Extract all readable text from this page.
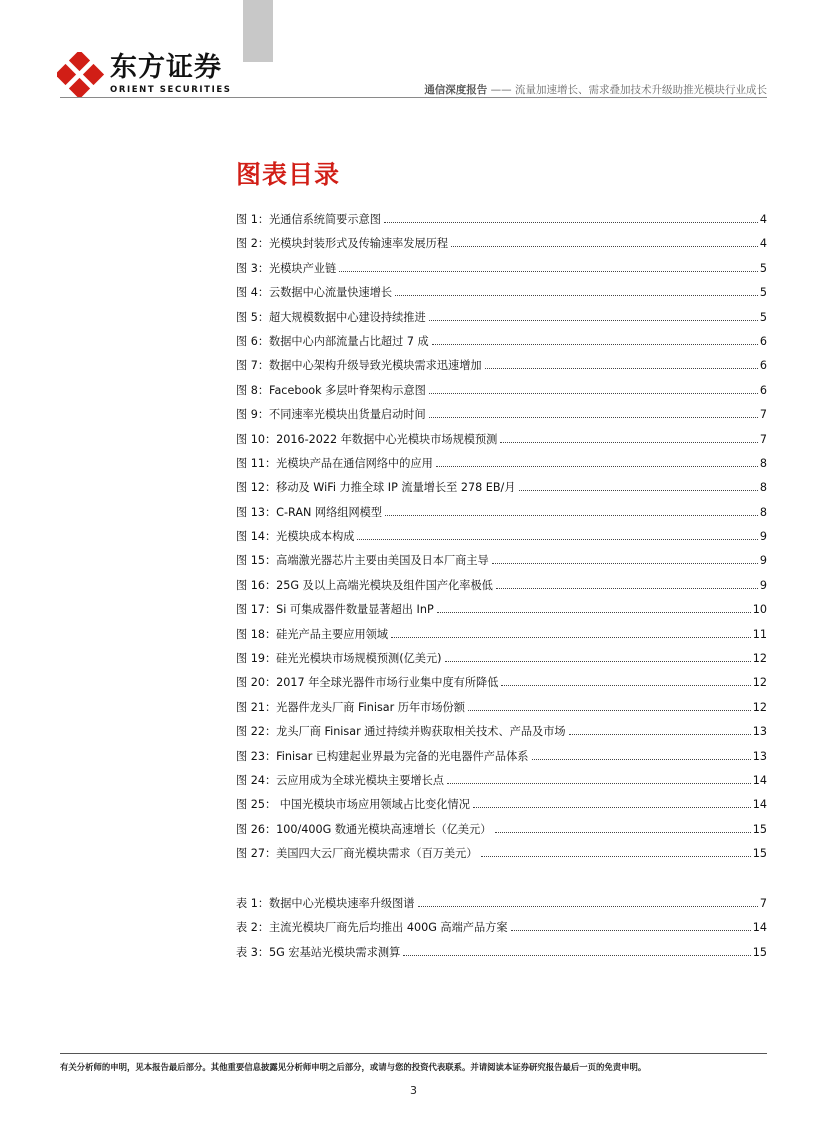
东方证券
ORIENT SECURITIES	通信深度报告 —— 流量加速增长、需求叠加技术升级助推光模块行业成长
图表目录
图 1：光通信系统简要示意图	4
图 2：光模块封装形式及传输速率发展历程	4
图 3：光模块产业链	5
图 4：云数据中心流量快速增长	5
图 5：超大规模数据中心建设持续推进	5
图 6：数据中心内部流量占比超过 7 成	6
图 7：数据中心架构升级导致光模块需求迅速增加	6
图 8：Facebook 多层叶脊架构示意图	6
图 9：不同速率光模块出货量启动时间	7
图 10：2016-2022 年数据中心光模块市场规模预测	7
图 11：光模块产品在通信网络中的应用	8
图 12：移动及 WiFi 力推全球 IP 流量增长至 278 EB/月	8
图 13：C-RAN 网络组网模型	8
图 14：光模块成本构成	9
图 15：高端激光器芯片主要由美国及日本厂商主导	9
图 16：25G 及以上高端光模块及组件国产化率极低	9
图 17：Si 可集成器件数量显著超出 InP	10
图 18：硅光产品主要应用领域	11
图 19：硅光光模块市场规模预测(亿美元)	12
图 20：2017 年全球光器件市场行业集中度有所降低	12
图 21：光器件龙头厂商 Finisar 历年市场份额	12
图 22：龙头厂商 Finisar 通过持续并购获取相关技术、产品及市场	13
图 23：Finisar 已构建起业界最为完备的光电器件产品体系	13
图 24：云应用成为全球光模块主要增长点	14
图 25： 中国光模块市场应用领域占比变化情况	14
图 26：100/400G 数通光模块高速增长（亿美元）	15
图 27：美国四大云厂商光模块需求（百万美元）	15
表 1：数据中心光模块速率升级图谱	7
表 2：主流光模块厂商先后均推出 400G 高端产品方案	14
表 3：5G 宏基站光模块需求测算	15
有关分析师的申明，见本报告最后部分。其他重要信息披露见分析师申明之后部分，或请与您的投资代表联系。并请阅读本证券研究报告最后一页的免责申明。
3
